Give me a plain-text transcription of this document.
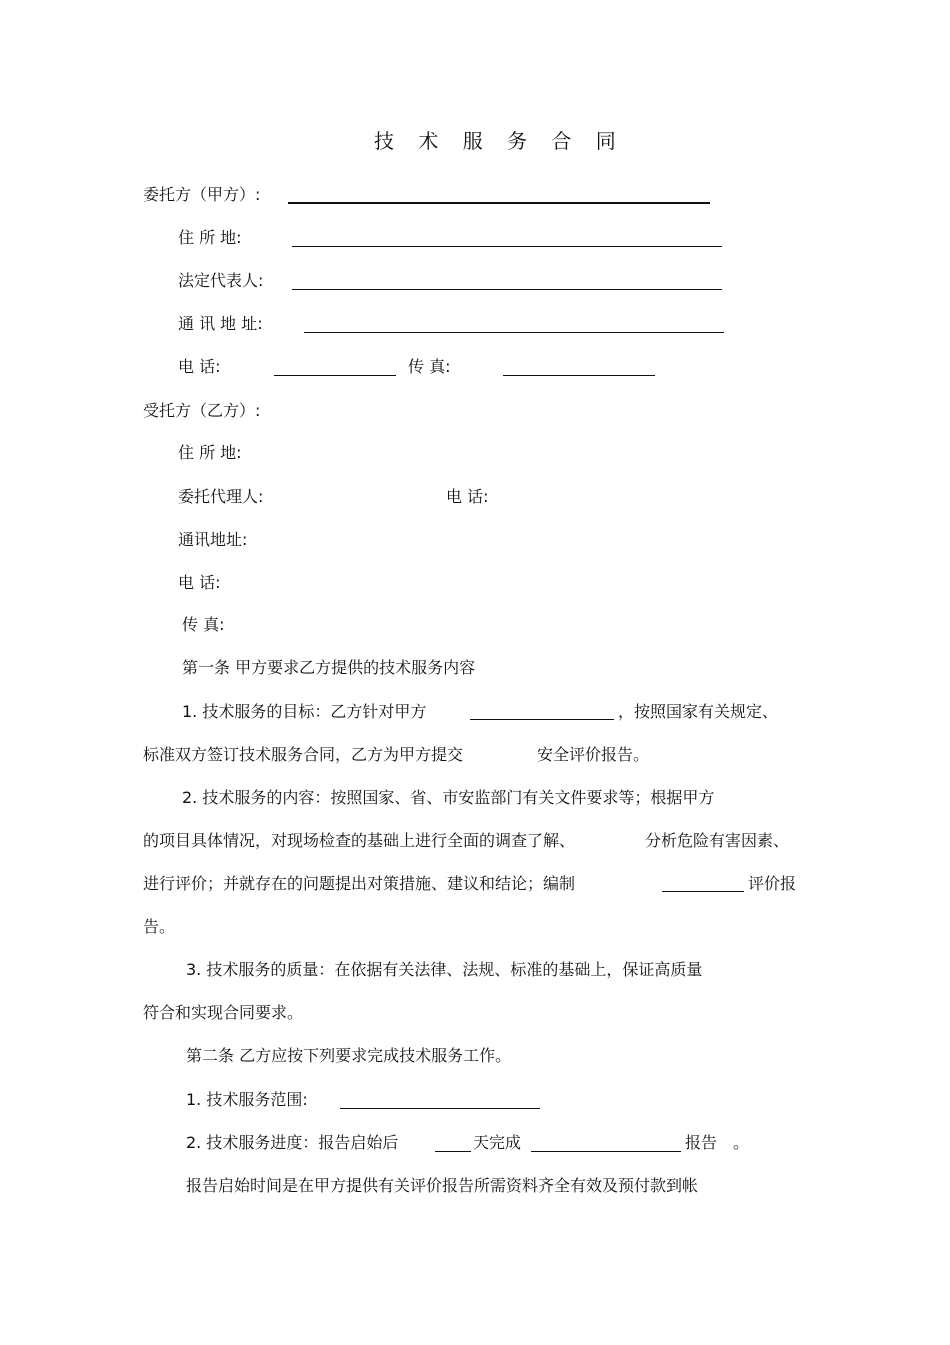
技 术 服 务 合 同
委托方（甲方）:
住 所 地:
法定代表人:
通 讯 地 址:
电 话:	传 真:
受托方（乙方）:
住 所 地:
委托代理人:	电 话:
通讯地址:
电 话:
传 真:
第一条 甲方要求乙方提供的技术服务内容
1. 技术服务的目标：乙方针对甲方	，按照国家有关规定、
标准双方签订技术服务合同，乙方为甲方提交	安全评价报告。
2. 技术服务的内容：按照国家、省、市安监部门有关文件要求等；根据甲方
的项目具体情况，对现场检查的基础上进行全面的调查了解、	分析危险有害因素、
进行评价；并就存在的问题提出对策措施、建议和结论；编制	评价报
告。
3. 技术服务的质量：在依据有关法律、法规、标准的基础上，保证高质量
符合和实现合同要求。
第二条 乙方应按下列要求完成技术服务工作。
1. 技术服务范围:
2. 技术服务进度：报告启始后	天完成	报告 。
报告启始时间是在甲方提供有关评价报告所需资料齐全有效及预付款到帐
